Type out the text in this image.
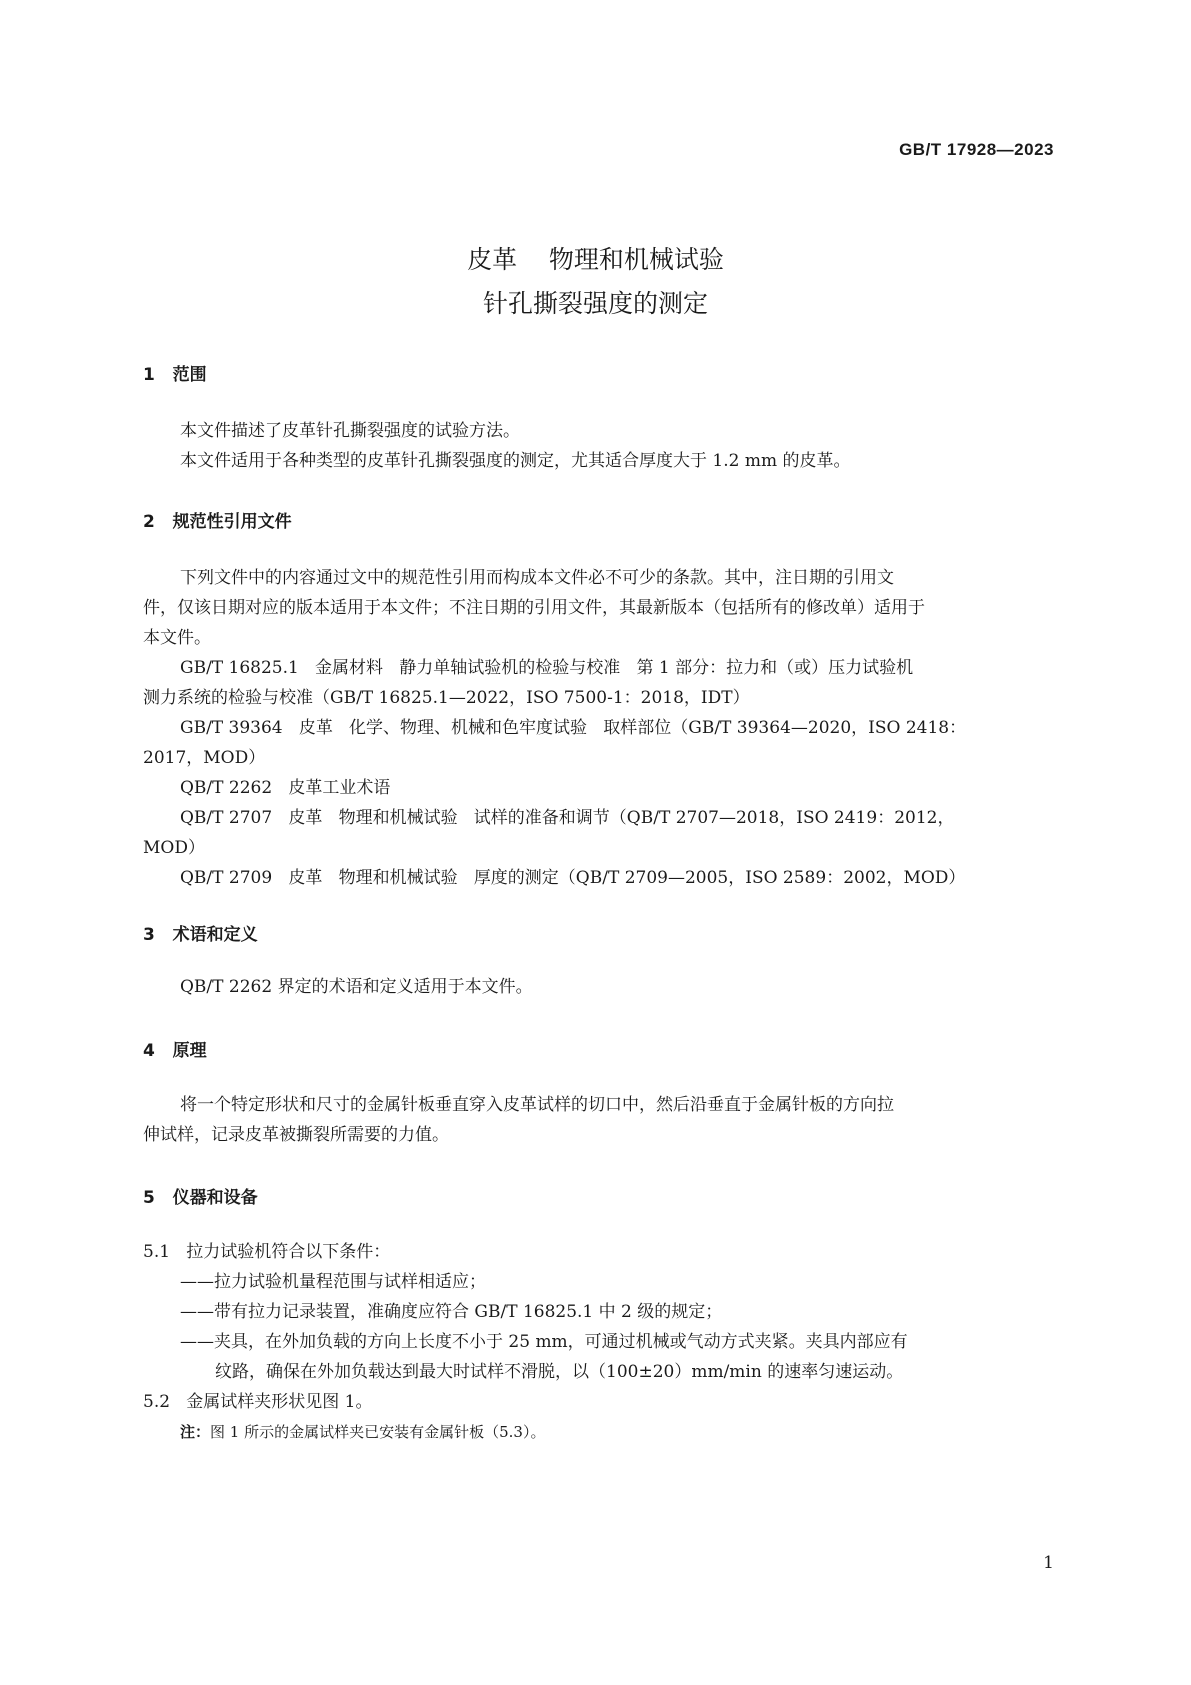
GB/T 17928—2023
皮革    物理和机械试验
针孔撕裂强度的测定
1   范围
本文件描述了皮革针孔撕裂强度的试验方法。
本文件适用于各种类型的皮革针孔撕裂强度的测定，尤其适合厚度大于 1.2 mm 的皮革。
2   规范性引用文件
下列文件中的内容通过文中的规范性引用而构成本文件必不可少的条款。其中，注日期的引用文
件，仅该日期对应的版本适用于本文件；不注日期的引用文件，其最新版本（包括所有的修改单）适用于
本文件。
GB/T 16825.1   金属材料   静力单轴试验机的检验与校准   第 1 部分：拉力和（或）压力试验机
测力系统的检验与校准（GB/T 16825.1—2022，ISO 7500-1：2018，IDT）
GB/T 39364   皮革   化学、物理、机械和色牢度试验   取样部位（GB/T 39364—2020，ISO 2418：
2017，MOD）
QB/T 2262   皮革工业术语
QB/T 2707   皮革   物理和机械试验   试样的准备和调节（QB/T 2707—2018，ISO 2419：2012，
MOD）
QB/T 2709   皮革   物理和机械试验   厚度的测定（QB/T 2709—2005，ISO 2589：2002，MOD）
3   术语和定义
QB/T 2262 界定的术语和定义适用于本文件。
4   原理
将一个特定形状和尺寸的金属针板垂直穿入皮革试样的切口中，然后沿垂直于金属针板的方向拉
伸试样，记录皮革被撕裂所需要的力值。
5   仪器和设备
5.1   拉力试验机符合以下条件：
——拉力试验机量程范围与试样相适应；
——带有拉力记录装置，准确度应符合 GB/T 16825.1 中 2 级的规定；
——夹具，在外加负载的方向上长度不小于 25 mm，可通过机械或气动方式夹紧。夹具内部应有
纹路，确保在外加负载达到最大时试样不滑脱，以（100±20）mm/min 的速率匀速运动。
5.2   金属试样夹形状见图 1。
注：图 1 所示的金属试样夹已安装有金属针板（5.3）。
1
